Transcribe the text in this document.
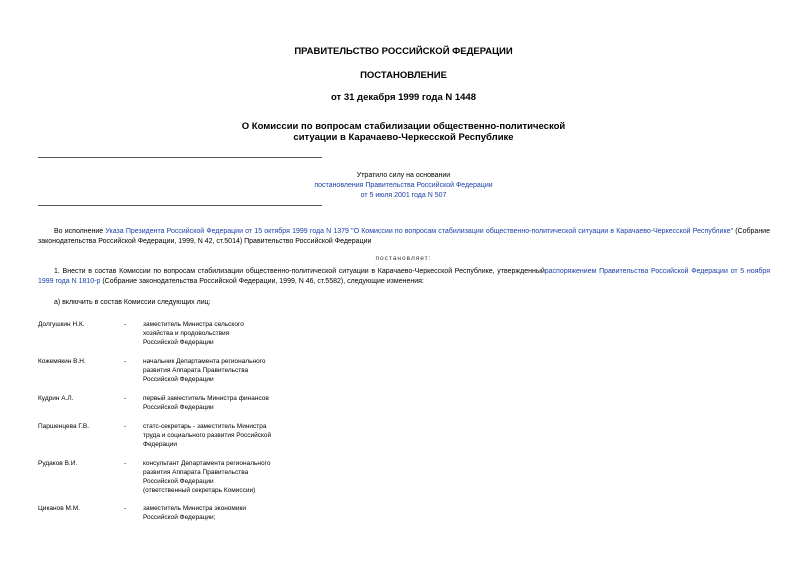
ПРАВИТЕЛЬСТВО РОССИЙСКОЙ ФЕДЕРАЦИИ
ПОСТАНОВЛЕНИЕ
от 31 декабря 1999 года N 1448
О Комиссии по вопросам стабилизации общественно-политической
ситуации в Карачаево-Черкесской Республике
Утратило силу на основании
постановления Правительства Российской Федерации
от 5 июля 2001 года N 507
Во исполнение Указа Президента Российской Федерации от 15 октября 1999 года N 1379 "О Комиссии по вопросам стабилизации общественно-политической ситуации в Карачаево-Черкесской Республике" (Собрание законодательства Российской Федерации, 1999, N 42, ст.5014) Правительство Российской Федерации
постановляет:
1. Внести в состав Комиссии по вопросам стабилизации общественно-политической ситуации в Карачаево-Черкесской Республике, утвержденныйраспоряжением Правительства Российской Федерации от 5 ноября 1999 года N 1810-р (Собрание законодательства Российской Федерации, 1999, N 46, ст.5582), следующие изменения:
а) включить в состав Комиссии следующих лиц:
Долгушкин Н.К.	-	заместитель Министра сельского
хозяйства и продовольствия
Российской Федерации
Кожемякин В.Н.	-	начальник Департамента регионального
развития Аппарата Правительства
Российской Федерации
Кудрин А.Л.	-	первый заместитель Министра финансов
Российской Федерации
Паршенцева Г.В.	-	статс-секретарь - заместитель Министра
труда и социального развития Российской
Федерации
Рудаков В.И.	-	консультант Департамента регионального
развития Аппарата Правительства
Российской Федерации
(ответственный секретарь Комиссии)
Циканов М.М.	-	заместитель Министра экономики
Российской Федерации;
